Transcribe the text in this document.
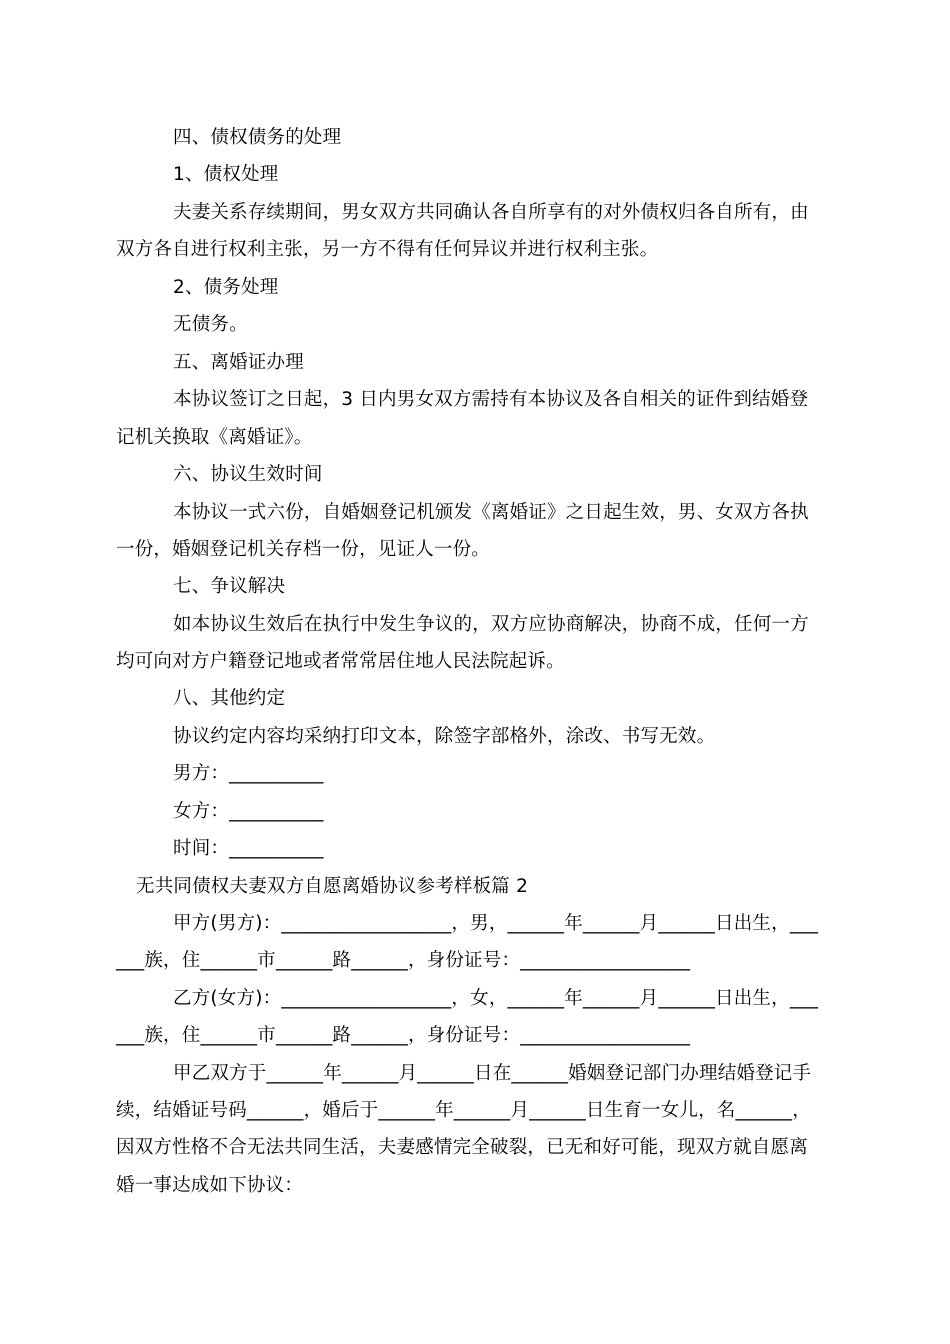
四、债权债务的处理
1、债权处理
夫妻关系存续期间，男女双方共同确认各自所享有的对外债权归各自所有，由
双方各自进行权利主张，另一方不得有任何异议并进行权利主张。
2、债务处理
无债务。
五、离婚证办理
本协议签订之日起，3 日内男女双方需持有本协议及各自相关的证件到结婚登
记机关换取《离婚证》。
六、协议生效时间
本协议一式六份，自婚姻登记机颁发《离婚证》之日起生效，男、女双方各执
一份，婚姻登记机关存档一份，见证人一份。
七、争议解决
如本协议生效后在执行中发生争议的，双方应协商解决，协商不成，任何一方
均可向对方户籍登记地或者常常居住地人民法院起诉。
八、其他约定
协议约定内容均采纳打印文本，除签字部格外，涂改、书写无效。
男方：__________
女方：__________
时间：__________
无共同债权夫妻双方自愿离婚协议参考样板篇 2
甲方(男方)：__________________，男，______年______月______日出生，___
___族，住______市______路______，身份证号：__________________
乙方(女方)：__________________，女，______年______月______日出生，___
___族，住______市______路______，身份证号：__________________
甲乙双方于______年______月______日在______婚姻登记部门办理结婚登记手
续，结婚证号码______，婚后于______年______月______日生育一女儿，名______，
因双方性格不合无法共同生活，夫妻感情完全破裂，已无和好可能，现双方就自愿离
婚一事达成如下协议：
